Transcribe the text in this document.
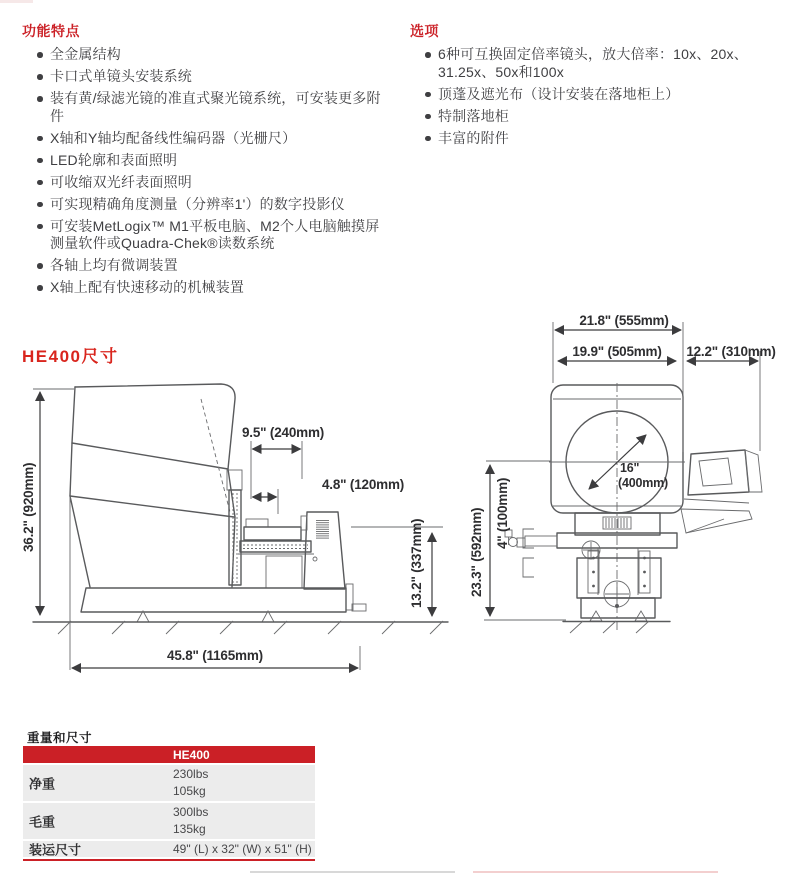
功能特点
全金属结构
卡口式单镜头安装系统
装有黄/绿滤光镜的准直式聚光镜系统，可安装更多附件
X轴和Y轴均配备线性编码器（光栅尺）
LED轮廓和表面照明
可收缩双光纤表面照明
可实现精确角度测量（分辨率1'）的数字投影仪
可安装MetLogix™ M1平板电脑、M2个人电脑触摸屏测量软件或Quadra-Chek®读数系统
各轴上均有微调装置
X轴上配有快速移动的机械装置
选项
6种可互换固定倍率镜头，放大倍率：10x、20x、31.25x、50x和100x
顶蓬及遮光布（设计安装在落地柜上）
特制落地柜
丰富的附件
HE400尺寸
36.2" (920mm)
9.5" (240mm)
4.8" (120mm)
13.2" (337mm)
45.8" (1165mm)
21.8" (555mm)
19.9" (505mm) 12.2" (310mm)
23.3" (592mm) 4" (100mm)
16"
(400mm)
重量和尺寸
HE400
净重
230lbs
105kg
毛重
300lbs
135kg
装运尺寸	49" (L) x 32" (W) x 51" (H)
